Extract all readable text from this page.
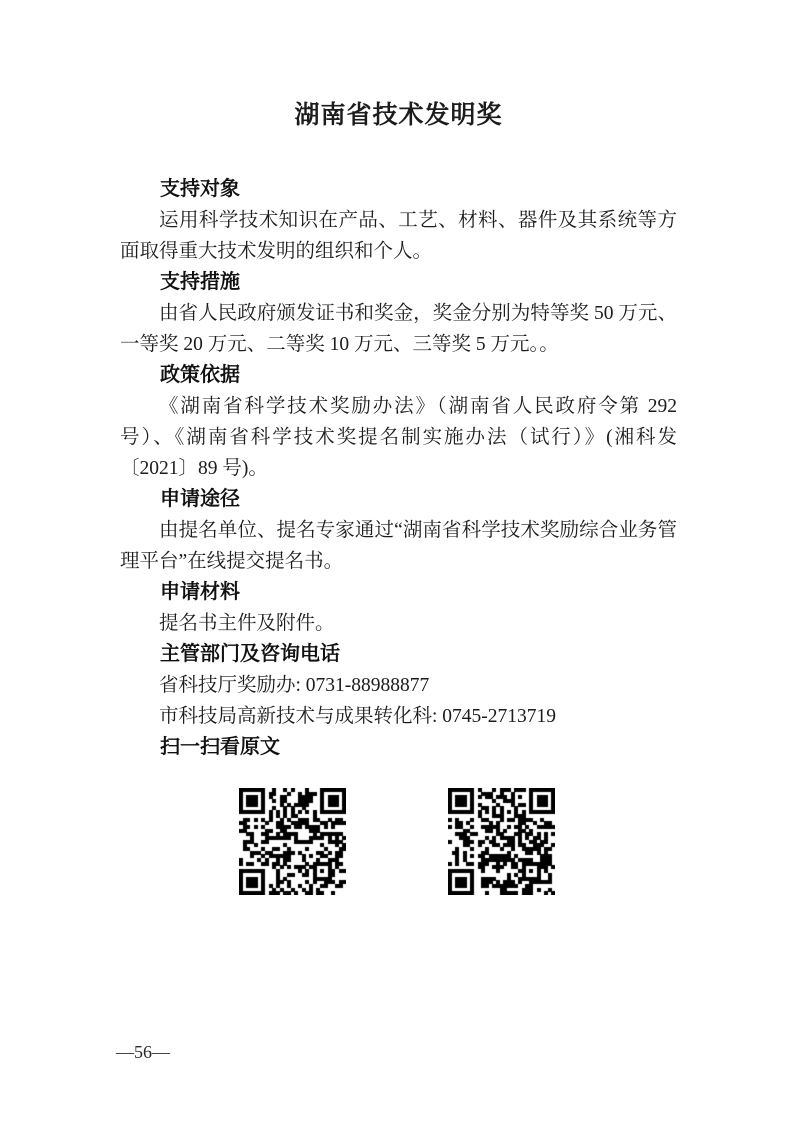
湖南省技术发明奖
支持对象

运用科学技术知识在产品、工艺、材料、器件及其系统等方面取得重大技术发明的组织和个人。

支持措施

由省人民政府颁发证书和奖金，奖金分别为特等奖 50 万元、一等奖 20 万元、二等奖 10 万元、三等奖 5 万元。。

政策依据

《湖南省科学技术奖励办法》（湖南省人民政府令第 292 号）、《湖南省科学技术奖提名制实施办法（试行）》(湘科发〔2021〕89 号)。

申请途径

由提名单位、提名专家通过“湖南省科学技术奖励综合业务管理平台”在线提交提名书。

申请材料

提名书主件及附件。

主管部门及咨询电话

省科技厅奖励办: 0731-88988877

市科技局高新技术与成果转化科: 0745-2713719

扫一扫看原文
—56—
